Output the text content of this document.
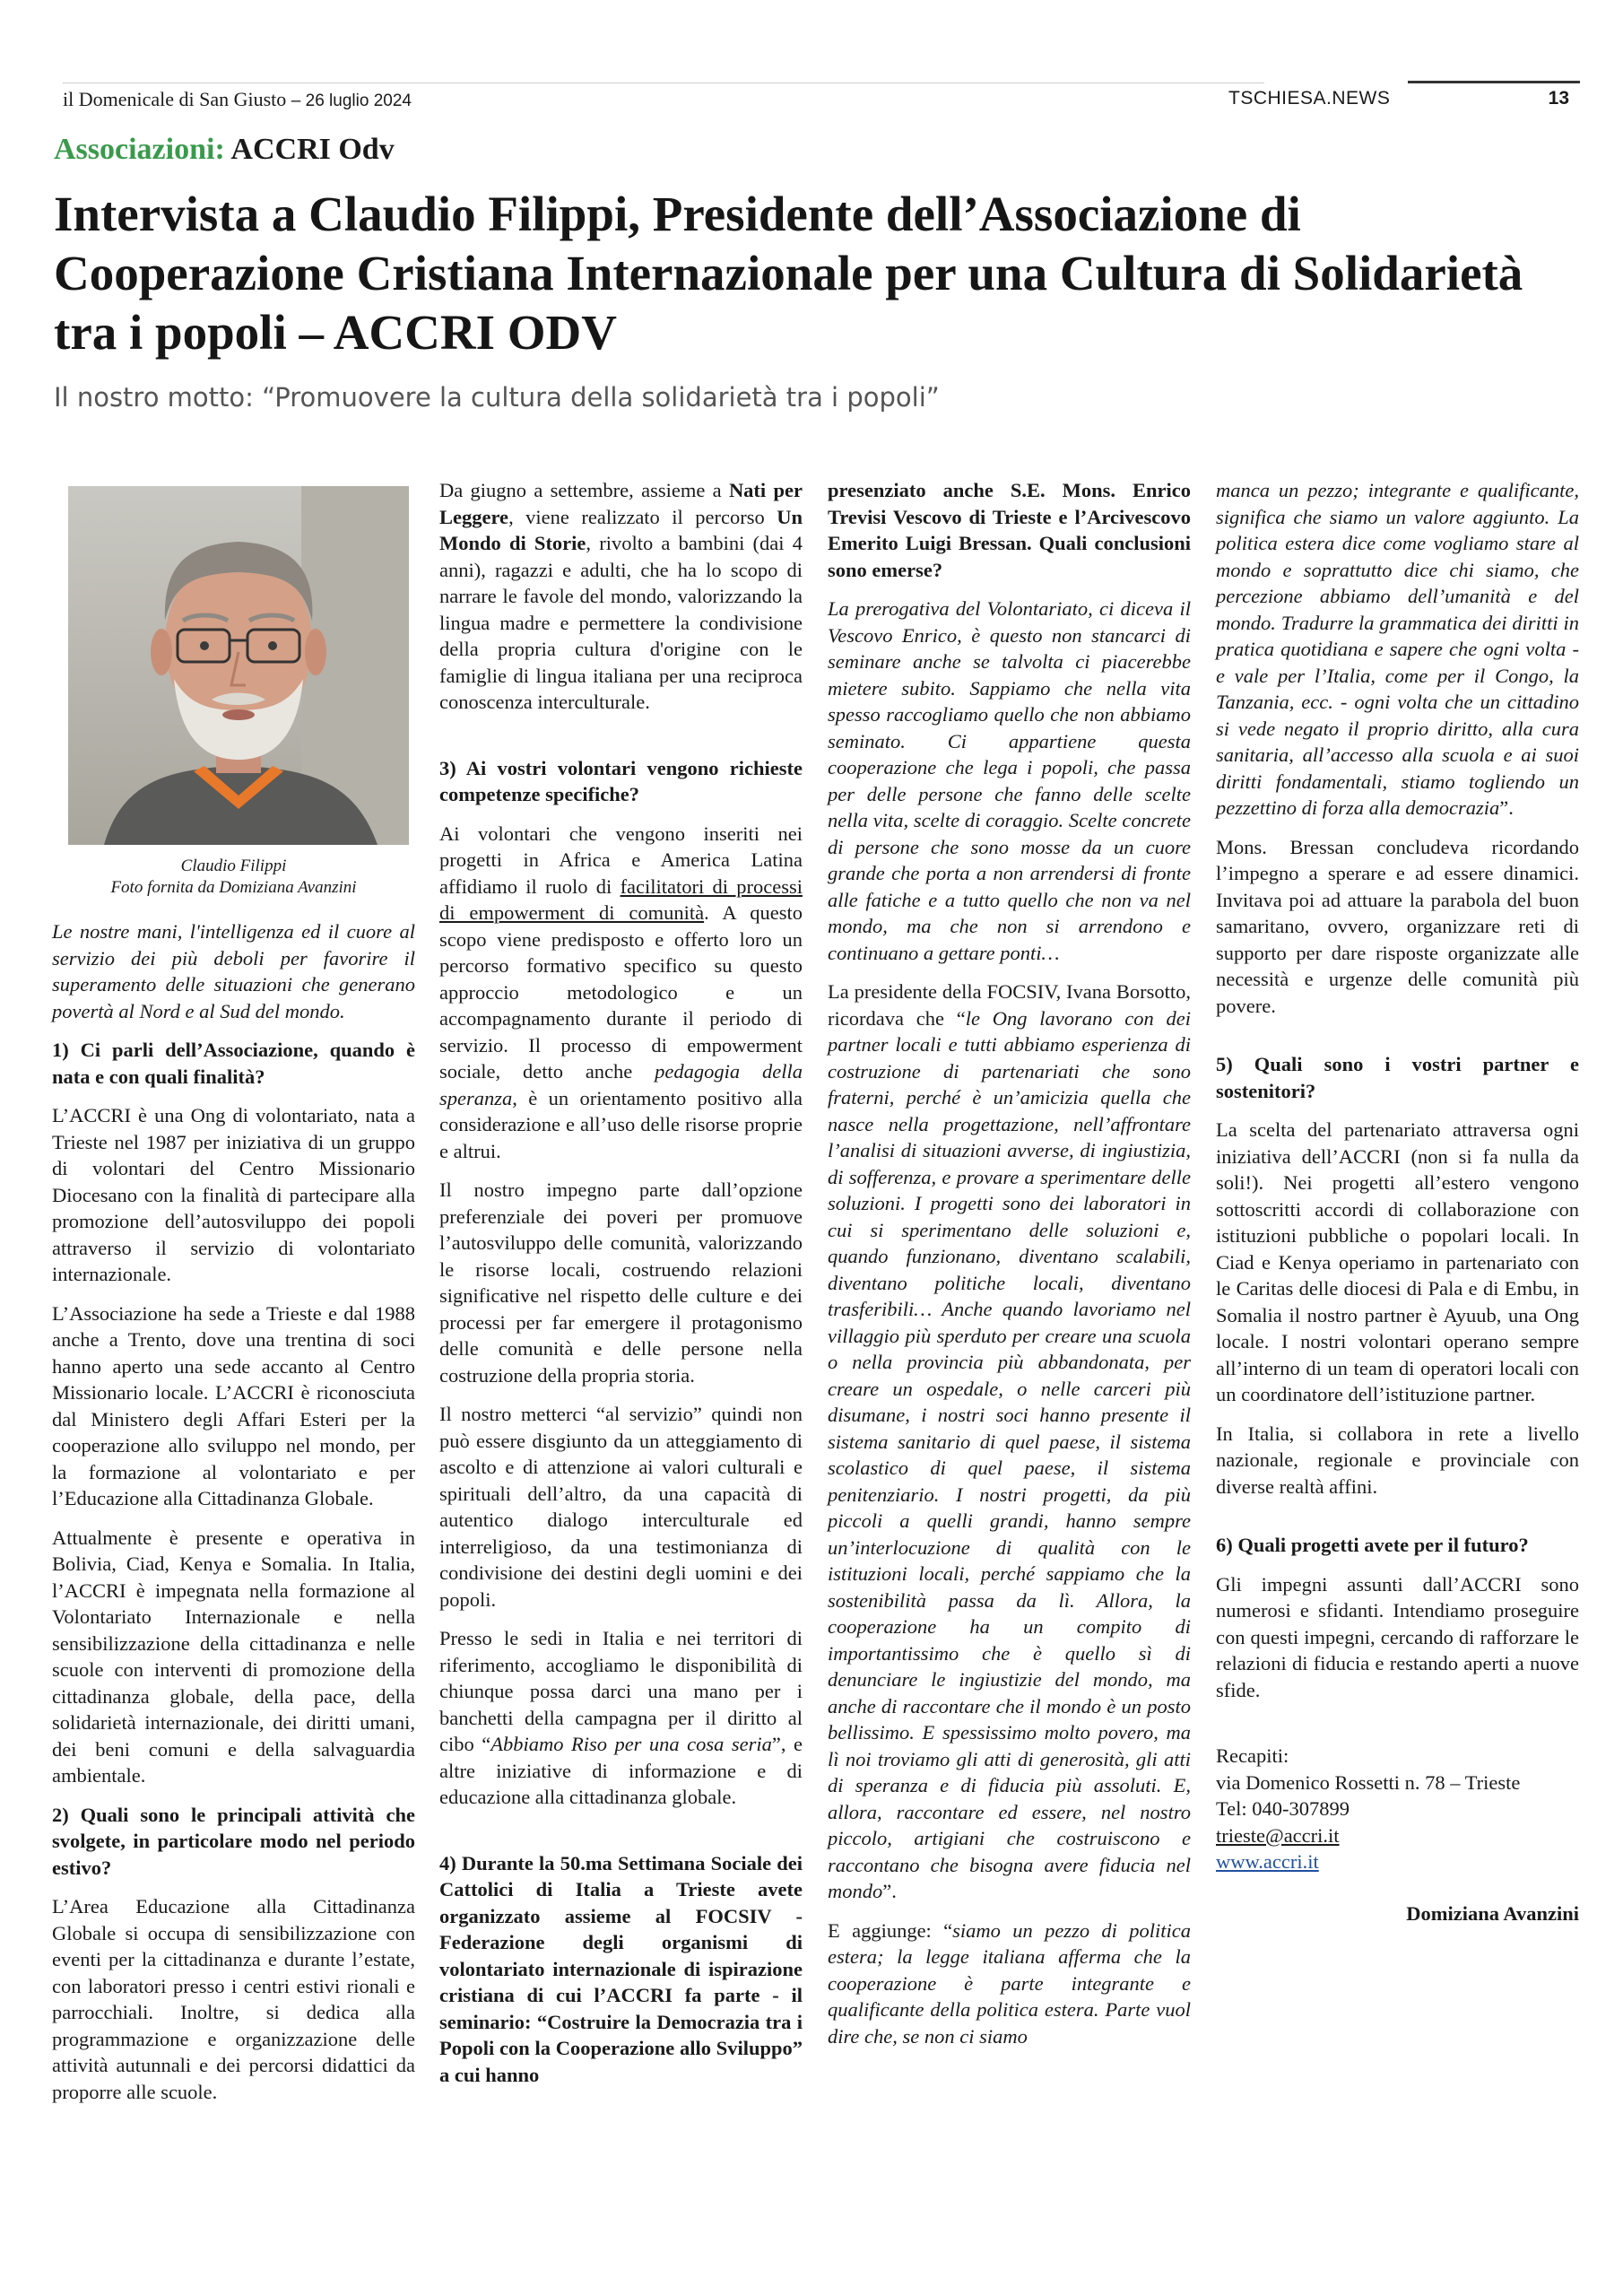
il Domenicale di San Giusto – 26 luglio 2024	TSCHIESA.NEWS	13
Associazioni: ACCRI Odv
Intervista a Claudio Filippi, Presidente dell’Associazione di Cooperazione Cristiana Internazionale per una Cultura di Solidarietà tra i popoli – ACCRI ODV
Il nostro motto: “Promuovere la cultura della solidarietà tra i popoli”
Claudio Filippi
Foto fornita da Domiziana Avanzini

Le nostre mani, l'intelligenza ed il cuore al servizio dei più deboli per favorire il superamento delle situazioni che generano povertà al Nord e al Sud del mondo.

1) Ci parli dell’Associazione, quando è nata e con quali finalità?

L’ACCRI è una Ong di volontariato, nata a Trieste nel 1987 per iniziativa di un gruppo di volontari del Centro Missionario Diocesano con la finalità di partecipare alla promozione dell’autosviluppo dei popoli attraverso il servizio di volontariato internazionale.

L’Associazione ha sede a Trieste e dal 1988 anche a Trento, dove una trentina di soci hanno aperto una sede accanto al Centro Missionario locale. L’ACCRI è riconosciuta dal Ministero degli Affari Esteri per la cooperazione allo sviluppo nel mondo, per la formazione al volontariato e per l’Educazione alla Cittadinanza Globale.

Attualmente è presente e operativa in Bolivia, Ciad, Kenya e Somalia. In Italia, l’ACCRI è impegnata nella formazione al Volontariato Internazionale e nella sensibilizzazione della cittadinanza e nelle scuole con interventi di promozione della cittadinanza globale, della pace, della solidarietà internazionale, dei diritti umani, dei beni comuni e della salvaguardia ambientale.

2) Quali sono le principali attività che svolgete, in particolare modo nel periodo estivo?

L’Area Educazione alla Cittadinanza Globale si occupa di sensibilizzazione con eventi per la cittadinanza e durante l’estate, con laboratori presso i centri estivi rionali e parrocchiali. Inoltre, si dedica alla programmazione e organizzazione delle attività autunnali e dei percorsi didattici da proporre alle scuole.

Da giugno a settembre, assieme a Nati per Leggere, viene realizzato il percorso Un Mondo di Storie, rivolto a bambini (dai 4 anni), ragazzi e adulti, che ha lo scopo di narrare le favole del mondo, valorizzando la lingua madre e permettere la condivisione della propria cultura d'origine con le famiglie di lingua italiana per una reciproca conoscenza interculturale.

3) Ai vostri volontari vengono richieste competenze specifiche?

Ai volontari che vengono inseriti nei progetti in Africa e America Latina affidiamo il ruolo di facilitatori di processi di empowerment di comunità. A questo scopo viene predisposto e offerto loro un percorso formativo specifico su questo approccio metodologico e un accompagnamento durante il periodo di servizio. Il processo di empowerment sociale, detto anche pedagogia della speranza, è un orientamento positivo alla considerazione e all’uso delle risorse proprie e altrui.

Il nostro impegno parte dall’opzione preferenziale dei poveri per promuove l’autosviluppo delle comunità, valorizzando le risorse locali, costruendo relazioni significative nel rispetto delle culture e dei processi per far emergere il protagonismo delle comunità e delle persone nella costruzione della propria storia.

Il nostro metterci “al servizio” quindi non può essere disgiunto da un atteggiamento di ascolto e di attenzione ai valori culturali e spirituali dell’altro, da una capacità di autentico dialogo interculturale ed interreligioso, da una testimonianza di condivisione dei destini degli uomini e dei popoli.

Presso le sedi in Italia e nei territori di riferimento, accogliamo le disponibilità di chiunque possa darci una mano per i banchetti della campagna per il diritto al cibo “Abbiamo Riso per una cosa seria”, e altre iniziative di informazione e di educazione alla cittadinanza globale.

4) Durante la 50.ma Settimana Sociale dei Cattolici di Italia a Trieste avete organizzato assieme al FOCSIV - Federazione degli organismi di volontariato internazionale di ispirazione cristiana di cui l’ACCRI fa parte - il seminario: “Costruire la Democrazia tra i Popoli con la Cooperazione allo Sviluppo” a cui hanno

presenziato anche S.E. Mons. Enrico Trevisi Vescovo di Trieste e l’Arcivescovo Emerito Luigi Bressan. Quali conclusioni sono emerse?

La prerogativa del Volontariato, ci diceva il Vescovo Enrico, è questo non stancarci di seminare anche se talvolta ci piacerebbe mietere subito. Sappiamo che nella vita spesso raccogliamo quello che non abbiamo seminato. Ci appartiene questa cooperazione che lega i popoli, che passa per delle persone che fanno delle scelte nella vita, scelte di coraggio. Scelte concrete di persone che sono mosse da un cuore grande che porta a non arrendersi di fronte alle fatiche e a tutto quello che non va nel mondo, ma che non si arrendono e continuano a gettare ponti…

La presidente della FOCSIV, Ivana Borsotto, ricordava che “le Ong lavorano con dei partner locali e tutti abbiamo esperienza di costruzione di partenariati che sono fraterni, perché è un’amicizia quella che nasce nella progettazione, nell’affrontare l’analisi di situazioni avverse, di ingiustizia, di sofferenza, e provare a sperimentare delle soluzioni. I progetti sono dei laboratori in cui si sperimentano delle soluzioni e, quando funzionano, diventano scalabili, diventano politiche locali, diventano trasferibili… Anche quando lavoriamo nel villaggio più sperduto per creare una scuola o nella provincia più abbandonata, per creare un ospedale, o nelle carceri più disumane, i nostri soci hanno presente il sistema sanitario di quel paese, il sistema scolastico di quel paese, il sistema penitenziario. I nostri progetti, da più piccoli a quelli grandi, hanno sempre un’interlocuzione di qualità con le istituzioni locali, perché sappiamo che la sostenibilità passa da lì. Allora, la cooperazione ha un compito di importantissimo che è quello sì di denunciare le ingiustizie del mondo, ma anche di raccontare che il mondo è un posto bellissimo. E spessissimo molto povero, ma lì noi troviamo gli atti di generosità, gli atti di speranza e di fiducia più assoluti. E, allora, raccontare ed essere, nel nostro piccolo, artigiani che costruiscono e raccontano che bisogna avere fiducia nel mondo”.

E aggiunge: “siamo un pezzo di politica estera; la legge italiana afferma che la cooperazione è parte integrante e qualificante della politica estera. Parte vuol dire che, se non ci siamo

manca un pezzo; integrante e qualificante, significa che siamo un valore aggiunto. La politica estera dice come vogliamo stare al mondo e soprattutto dice chi siamo, che percezione abbiamo dell’umanità e del mondo. Tradurre la grammatica dei diritti in pratica quotidiana e sapere che ogni volta - e vale per l’Italia, come per il Congo, la Tanzania, ecc. - ogni volta che un cittadino si vede negato il proprio diritto, alla cura sanitaria, all’accesso alla scuola e ai suoi diritti fondamentali, stiamo togliendo un pezzettino di forza alla democrazia”.

Mons. Bressan concludeva ricordando l’impegno a sperare e ad essere dinamici. Invitava poi ad attuare la parabola del buon samaritano, ovvero, organizzare reti di supporto per dare risposte organizzate alle necessità e urgenze delle comunità più povere.

5) Quali sono i vostri partner e sostenitori?

La scelta del partenariato attraversa ogni iniziativa dell’ACCRI (non si fa nulla da soli!). Nei progetti all’estero vengono sottoscritti accordi di collaborazione con istituzioni pubbliche o popolari locali. In Ciad e Kenya operiamo in partenariato con le Caritas delle diocesi di Pala e di Embu, in Somalia il nostro partner è Ayuub, una Ong locale. I nostri volontari operano sempre all’interno di un team di operatori locali con un coordinatore dell’istituzione partner.

In Italia, si collabora in rete a livello nazionale, regionale e provinciale con diverse realtà affini.

6) Quali progetti avete per il futuro?

Gli impegni assunti dall’ACCRI sono numerosi e sfidanti. Intendiamo proseguire con questi impegni, cercando di rafforzare le relazioni di fiducia e restando aperti a nuove sfide.

Recapiti:
via Domenico Rossetti n. 78 – Trieste
Tel: 040-307899
trieste@accri.it
www.accri.it
Domiziana Avanzini
